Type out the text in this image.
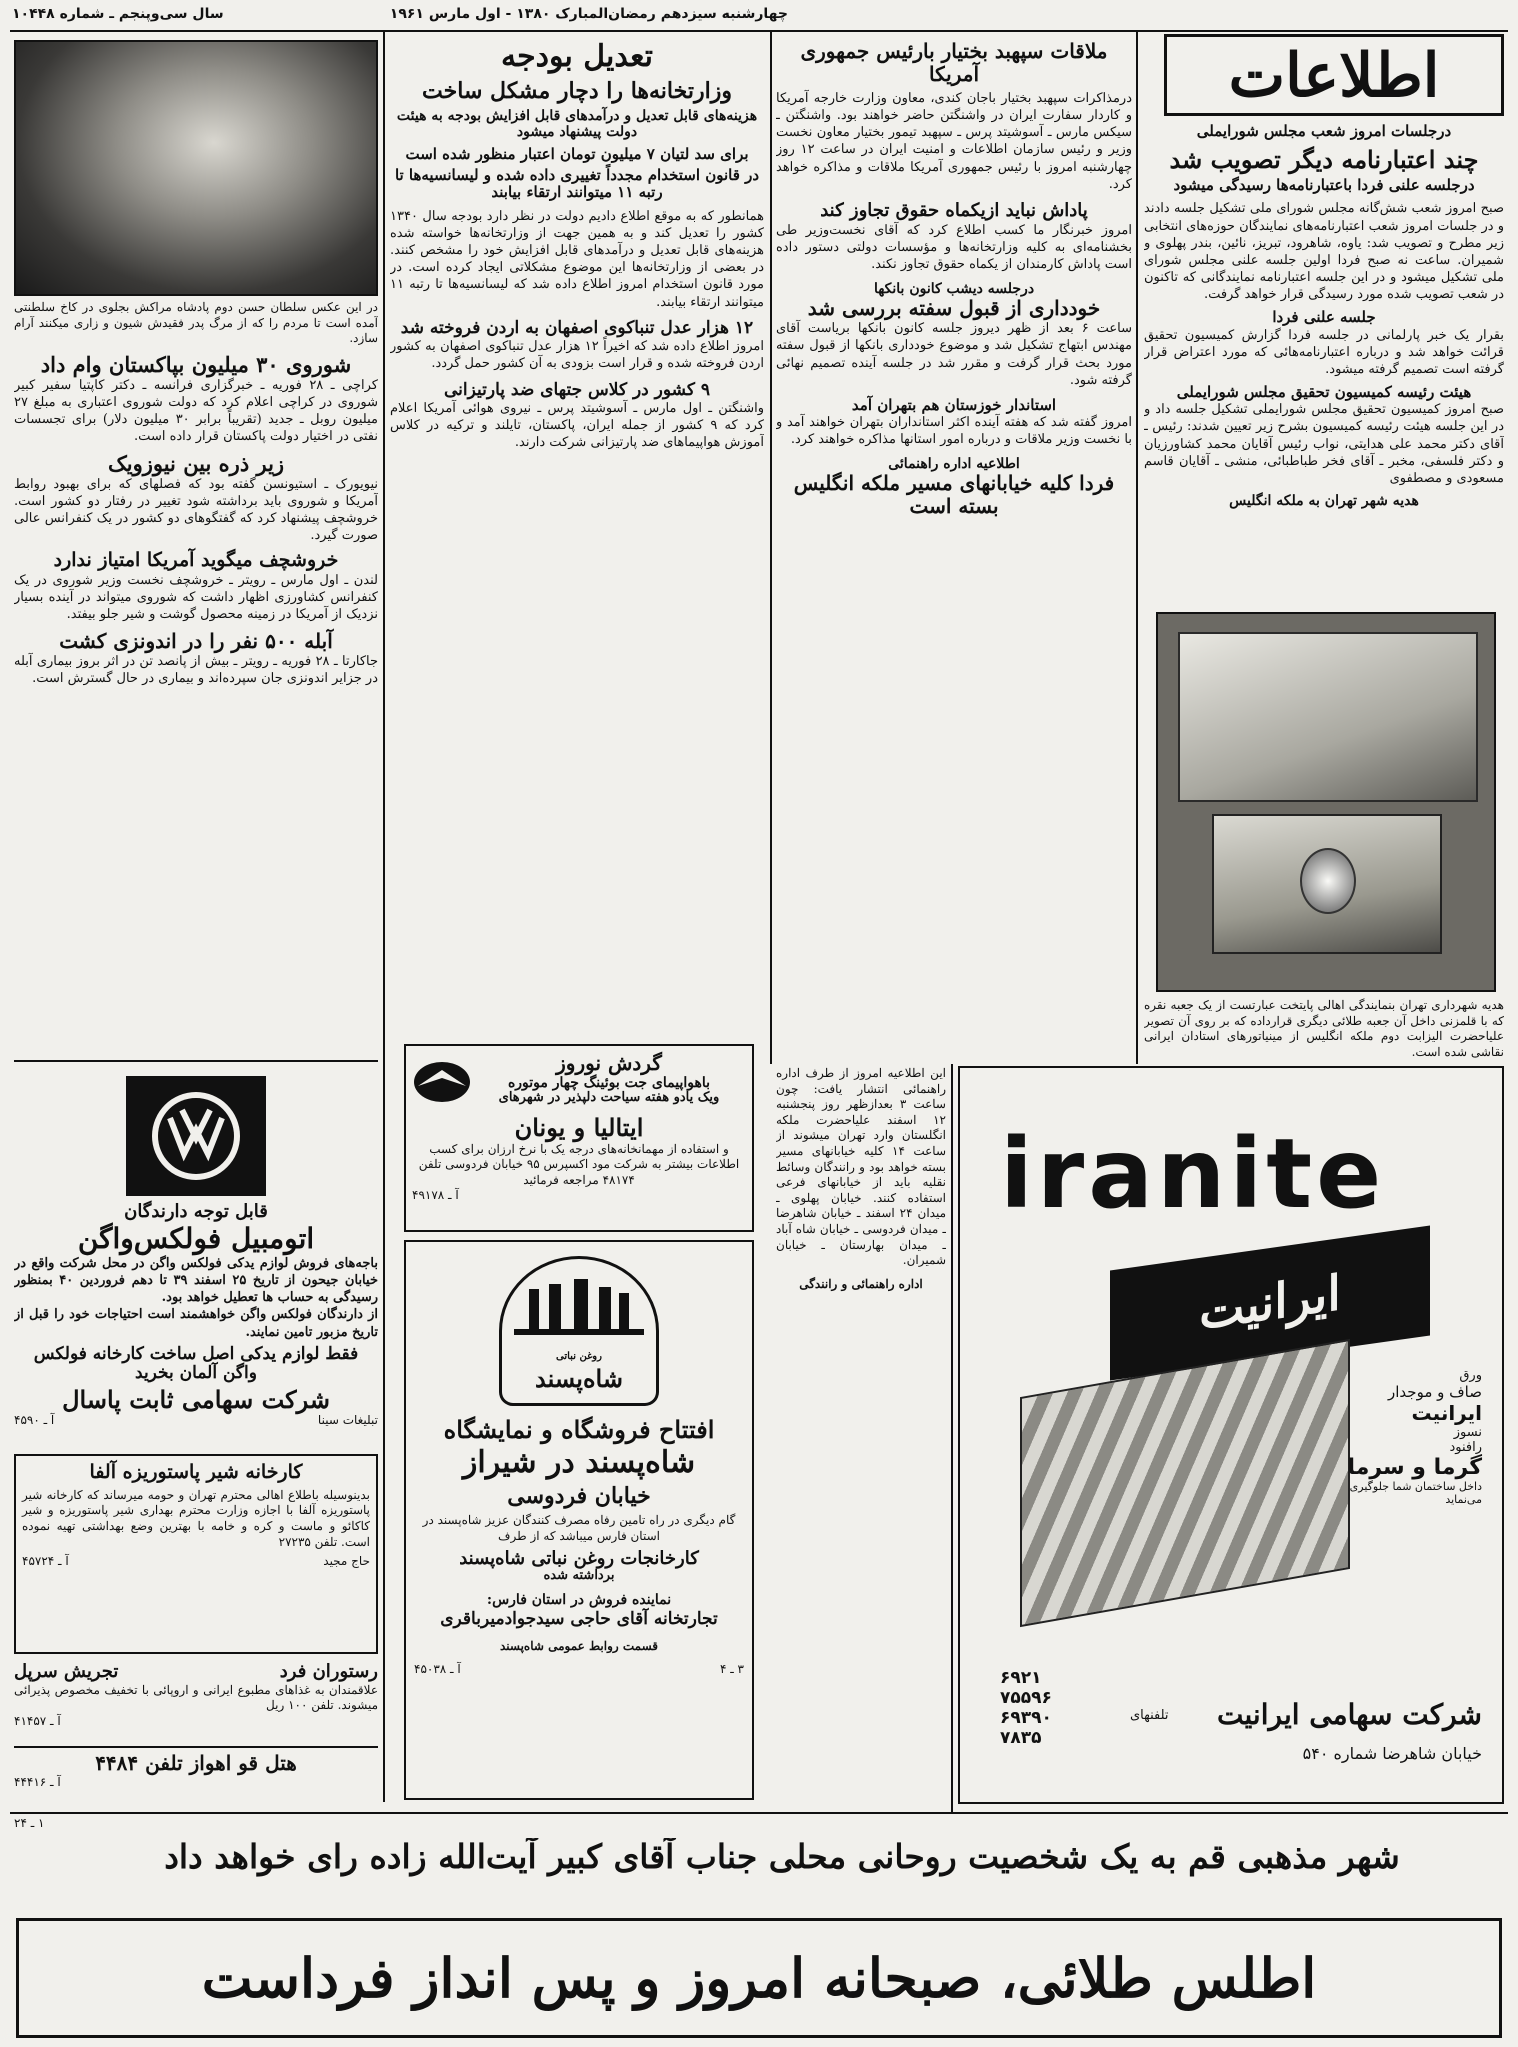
اطلاعات
چهارشنبه سیزدهم رمضان‌المبارک ۱۳۸۰ - اول مارس ۱۹۶۱
سال سی‌وپنجم ـ شماره ۱۰۴۴۸
درجلسات امروز شعب مجلس شورایملی
چند اعتبارنامه دیگر تصویب شد
درجلسه علنی فردا باعتبارنامه‌ها رسیدگی میشود
صبح امروز شعب شش‌گانه مجلس شورای ملی تشکیل جلسه دادند و در جلسات امروز شعب اعتبارنامه‌های نمایندگان حوزه‌های انتخابی زیر مطرح و تصویب شد: یاوه، شاهرود، تبریز، نائین، بندر پهلوی و شمیران. ساعت نه صبح فردا اولین جلسه علنی مجلس شورای ملی تشکیل میشود و در این جلسه اعتبارنامه نمایندگانی که تاکنون در شعب تصویب شده مورد رسیدگی قرار خواهد گرفت.
جلسه علنی فردا
بقرار یک خبر پارلمانی در جلسه فردا گزارش کمیسیون تحقیق قرائت خواهد شد و درباره اعتبارنامه‌هائی که مورد اعتراض قرار گرفته است تصمیم گرفته میشود.
هیئت رئیسه کمیسیون تحقیق مجلس شورایملی
صبح امروز کمیسیون تحقیق مجلس شورایملی تشکیل جلسه داد و در این جلسه هیئت رئیسه کمیسیون بشرح زیر تعیین شدند: رئیس ـ آقای دکتر محمد علی هدایتی، نواب رئیس آقایان محمد کشاورزیان و دکتر فلسفی، مخبر ـ آقای فخر طباطبائی، منشی ـ آقایان قاسم مسعودی و مصطفوی
هدیه شهر تهران به ملکه انگلیس
هدیه شهرداری تهران بنمایندگی اهالی پایتخت عبارتست از یک جعبه نقره که با قلمزنی داخل آن جعبه طلائی دیگری قرارداده که بر روی آن تصویر علیاحضرت الیزابت دوم ملکه انگلیس از مینیاتورهای استادان ایرانی نقاشی شده است.
ملاقات سپهبد بختیار بارئیس جمهوری آمریکا
درمذاکرات سپهبد بختیار باجان کندی، معاون وزارت خارجه آمریکا و کاردار سفارت ایران در واشنگتن حاضر خواهند بود. واشنگتن ـ سیکس مارس ـ آسوشیتد پرس ـ سپهبد تیمور بختیار معاون نخست وزیر و رئیس سازمان اطلاعات و امنیت ایران در ساعت ۱۲ روز چهارشنبه امروز با رئیس جمهوری آمریکا ملاقات و مذاکره خواهد کرد.
پاداش نباید ازیکماه حقوق تجاوز کند
امروز خبرنگار ما کسب اطلاع کرد که آقای نخست‌وزیر طی بخشنامه‌ای به کلیه وزارتخانه‌ها و مؤسسات دولتی دستور داده است پاداش کارمندان از یکماه حقوق تجاوز نکند.
درجلسه دیشب کانون بانکها
خودداری از قبول سفته بررسی شد
ساعت ۶ بعد از ظهر دیروز جلسه کانون بانکها بریاست آقای مهندس ابتهاج تشکیل شد و موضوع خودداری بانکها از قبول سفته مورد بحث قرار گرفت و مقرر شد در جلسه آینده تصمیم نهائی گرفته شود.
استاندار خوزستان هم بتهران آمد
امروز گفته شد که هفته آینده اکثر استانداران بتهران خواهند آمد و با نخست وزیر ملاقات و درباره امور استانها مذاکره خواهند کرد.
اطلاعیه اداره راهنمائی
فردا کلیه خیابانهای مسیر ملکه انگلیس بسته است
این اطلاعیه امروز از طرف اداره راهنمائی انتشار یافت: چون ساعت ۳ بعدازظهر روز پنجشنبه ۱۲ اسفند علیاحضرت ملکه انگلستان وارد تهران میشوند از ساعت ۱۴ کلیه خیابانهای مسیر بسته خواهد بود و رانندگان وسائط نقلیه باید از خیابانهای فرعی استفاده کنند. خیابان پهلوی ـ میدان ۲۴ اسفند ـ خیابان شاهرضا ـ میدان فردوسی ـ خیابان شاه آباد ـ میدان بهارستان ـ خیابان شمیران.
اداره راهنمائی و رانندگی
تعدیل بودجه
وزارتخانه‌ها را دچار مشکل ساخت
هزینه‌های قابل تعدیل و درآمدهای قابل افزایش بودجه به هیئت دولت پیشنهاد میشود
برای سد لتیان ۷ میلیون تومان اعتبار منظور شده است
در قانون استخدام مجدداً تغییری داده شده و لیسانسیه‌ها تا رتبه ۱۱ میتوانند ارتقاء بیابند
همانطور که به موقع اطلاع دادیم دولت در نظر دارد بودجه سال ۱۳۴۰ کشور را تعدیل کند و به همین جهت از وزارتخانه‌ها خواسته شده هزینه‌های قابل تعدیل و درآمدهای قابل افزایش خود را مشخص کنند. در بعضی از وزارتخانه‌ها این موضوع مشکلاتی ایجاد کرده است. در مورد قانون استخدام امروز اطلاع داده شد که لیسانسیه‌ها تا رتبه ۱۱ میتوانند ارتقاء بیابند.
۱۲ هزار عدل تنباکوی اصفهان به اردن فروخته شد
امروز اطلاع داده شد که اخیراً ۱۲ هزار عدل تنباکوی اصفهان به کشور اردن فروخته شده و قرار است بزودی به آن کشور حمل گردد.
۹ کشور در کلاس جتهای ضد پارتیزانی
واشنگتن ـ اول مارس ـ آسوشیتد پرس ـ نیروی هوائی آمریکا اعلام کرد که ۹ کشور از جمله ایران، پاکستان، تایلند و ترکیه در کلاس آموزش هواپیماهای ضد پارتیزانی شرکت دارند.
گردش نوروز
باهواپیمای جت بوئینگ چهار موتوره
ویک یادو هفته سیاحت دلپذیر در شهرهای
ایتالیا و یونان
و استفاده از مهمانخانه‌های درجه یک با نرخ ارزان برای کسب اطلاعات بیشتر به شرکت مود اکسپرس ۹۵ خیابان فردوسی تلفن ۴۸۱۷۴ مراجعه فرمائید
آ ـ ۴۹۱۷۸
روغن نباتی
شاه‌پسند
افتتاح فروشگاه و نمایشگاه
شاه‌پسند در شیراز
خیابان فردوسی
گام دیگری در راه تامین رفاه مصرف کنندگان عزیز شاه‌پسند در استان فارس میباشد که از طرف
کارخانجات روغن نباتی شاه‌پسند
برداشته شده
نماینده فروش در استان فارس:
تجارتخانه آقای حاجی سیدجوادمیرباقری
قسمت روابط عمومی شاه‌پسند
۳ ـ ۴
آ ـ ۴۵۰۳۸
در این عکس سلطان حسن دوم پادشاه مراکش بجلوی در کاخ سلطنتی آمده است تا مردم را که از مرگ پدر فقیدش شیون و زاری میکنند آرام سازد.
شوروی ۳۰ میلیون بپاکستان وام داد
کراچی ـ ۲۸ فوریه ـ خبرگزاری فرانسه ـ دکتر کاپتیا سفیر کبیر شوروی در کراچی اعلام کرد که دولت شوروی اعتباری به مبلغ ۲۷ میلیون روبل ـ جدید (تقریباً برابر ۳۰ میلیون دلار) برای تجسسات نفتی در اختیار دولت پاکستان قرار داده است.
زیر ذره بین نیوزویک
نیویورک ـ استیونسن گفته بود که فصلهای که برای بهبود روابط آمریکا و شوروی باید برداشته شود تغییر در رفتار دو کشور است. خروشچف پیشنهاد کرد که گفتگوهای دو کشور در یک کنفرانس عالی صورت گیرد.
خروشچف میگوید آمریکا امتیاز ندارد
لندن ـ اول مارس ـ رویتر ـ خروشچف نخست وزیر شوروی در یک کنفرانس کشاورزی اظهار داشت که شوروی میتواند در آینده بسیار نزدیک از آمریکا در زمینه محصول گوشت و شیر جلو بیفتد.
آبله ۵۰۰ نفر را در اندونزی کشت
جاکارتا ـ ۲۸ فوریه ـ رویتر ـ بیش از پانصد تن در اثر بروز بیماری آبله در جزایر اندونزی جان سپرده‌اند و بیماری در حال گسترش است.
قابل توجه دارندگان
اتومبیل فولکس‌واگن
باجه‌های فروش لوازم یدکی فولکس واگن در محل شرکت واقع در خیابان جیحون از تاریخ ۲۵ اسفند ۳۹ تا دهم فروردین ۴۰ بمنظور رسیدگی به حساب ها تعطیل خواهد بود.
از دارندگان فولکس واگن خواهشمند است احتیاجات خود را قبل از تاریخ مزبور تامین نمایند.
فقط لوازم یدکی اصل ساخت کارخانه فولکس واگن آلمان بخرید
شرکت سهامی ثابت پاسال
تبلیغات سینا
آ ـ ۴۵۹۰
کارخانه شیر پاستوریزه آلفا
بدینوسیله باطلاع اهالی محترم تهران و حومه میرساند که کارخانه شیر پاستوریزه آلفا با اجازه وزارت محترم بهداری شیر پاستوریزه و شیر کاکائو و ماست و کره و خامه با بهترین وضع بهداشتی تهیه نموده است. تلفن ۲۷۲۳۵
حاج مجید
آ ـ ۴۵۷۲۴
رستوران فرد
تجریش سرپل
علاقمندان به غذاهای مطبوع ایرانی و اروپائی با تخفیف مخصوص پذیرائی میشوند. تلفن ۱۰۰ ریل
آ ـ ۴۱۴۵۷
هتل قو اهواز تلفن ۴۴۸۴
آ ـ ۴۴۴۱۶
iranite
ایرانیت
ورق
صاف و موجدار
ایرانیت
نسوز
رافنود
گرما و سرما
داخل ساختمان شما جلوگیری می‌نماید
۶۹۲۱
۷۵۵۹۶
۶۹۳۹۰
۷۸۳۵
تلفنهای	شرکت سهامی ایرانیت
خیابان شاهرضا شماره ۵۴۰
۱ ـ ۲۴
شهر مذهبی قم به یک شخصیت روحانی محلی جناب آقای کبیر آیت‌الله زاده رای خواهد داد
اطلس طلائی، صبحانه امروز و پس انداز فرداست
